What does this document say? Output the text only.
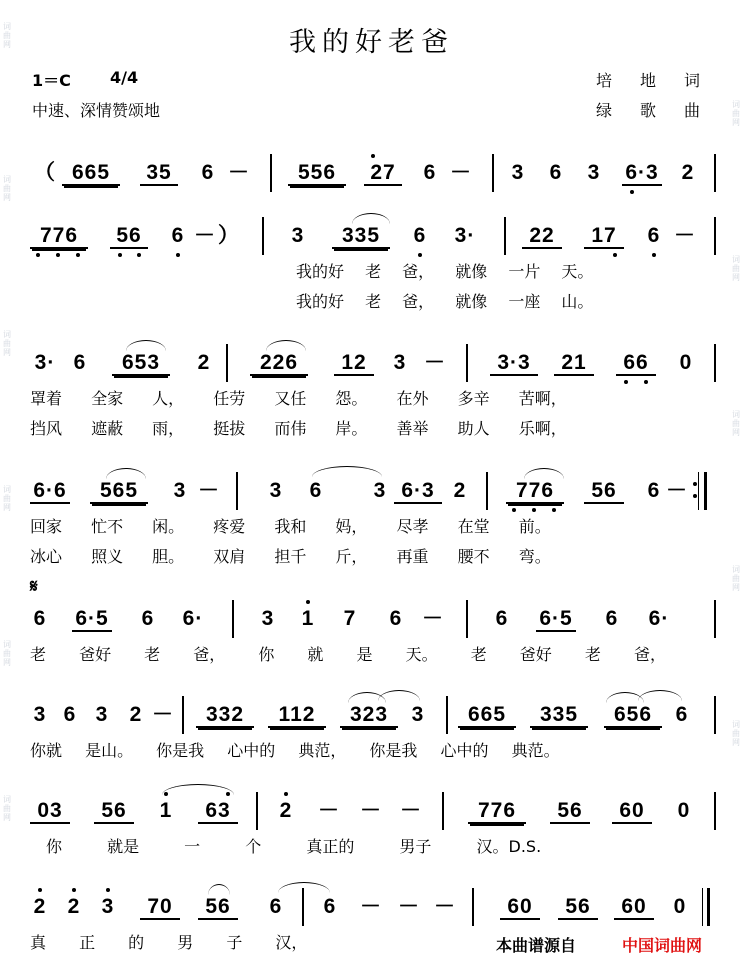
词
曲
网
词
曲
网
词
曲
网
词
曲
网
词
曲
网
词
曲
网
词
曲
网
词
曲
网
词
曲
网
词
曲
网
词
曲
网
我的好老爸
1＝C 4/4
中速、深情赞颂地
培地词
绿歌曲
（ 665	35	6 －	556	27	6 － 3 6 3 6·3 2
776	56	6 － ） 3	335	6 3·	22	17	6 －
我的好 老 爸， 就像 一片 天。
我的好 老 爸， 就像 一座 山。
3· 6	653	2	226	12	3 －	3·3	21	66	0
罩着 全家 人， 任劳 又任 怨。 在外 多辛 苦啊，
挡风 遮蔽 雨， 挺拔 而伟 岸。 善举 助人 乐啊，
6·6	565	3 － 3 6 3 6·3 2	776	56	6 －
回家 忙不 闲。 疼爱 我和 妈， 尽孝 在堂 前。
冰心 照义 胆。 双肩 担千 斤， 再重 腰不 弯。
𝄋
6 6·5 6 6·	3 1 7 6 － 6 6·5 6 6·
老 爸好 老 爸， 你 就 是 天。 老 爸好 老 爸，
3 6 3 2 －	332	112	323	3	665	335	656	6
你就 是山。 你是我 心中的 典范， 你是我 心中的 典范。
03	56	1	63	2 － － －	776	56	60	0
你 就是 一 个 真正的 男子 汉。D.S.
2 2 3	70	56	6 6 － － －	60	56	60	0
真 正 的 男 子 汉，	本曲谱源自	中国词曲网
